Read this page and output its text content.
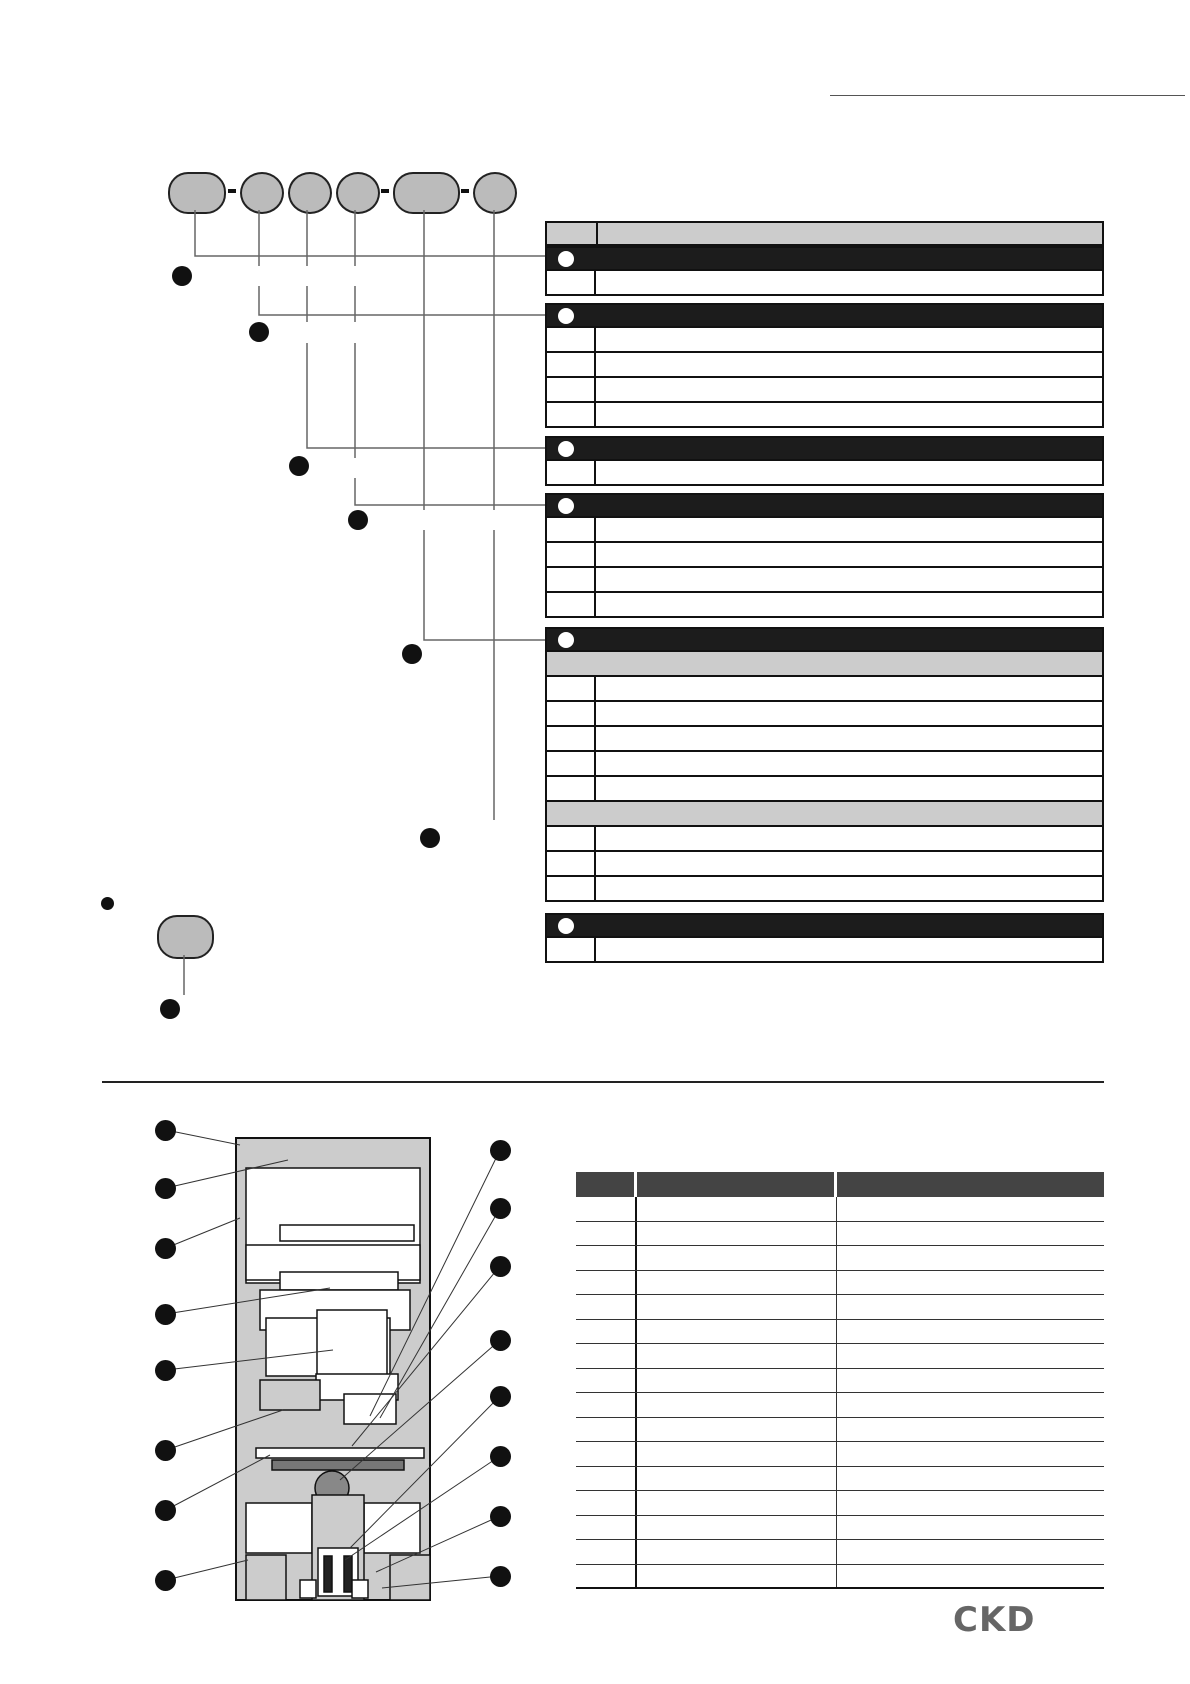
CKD
